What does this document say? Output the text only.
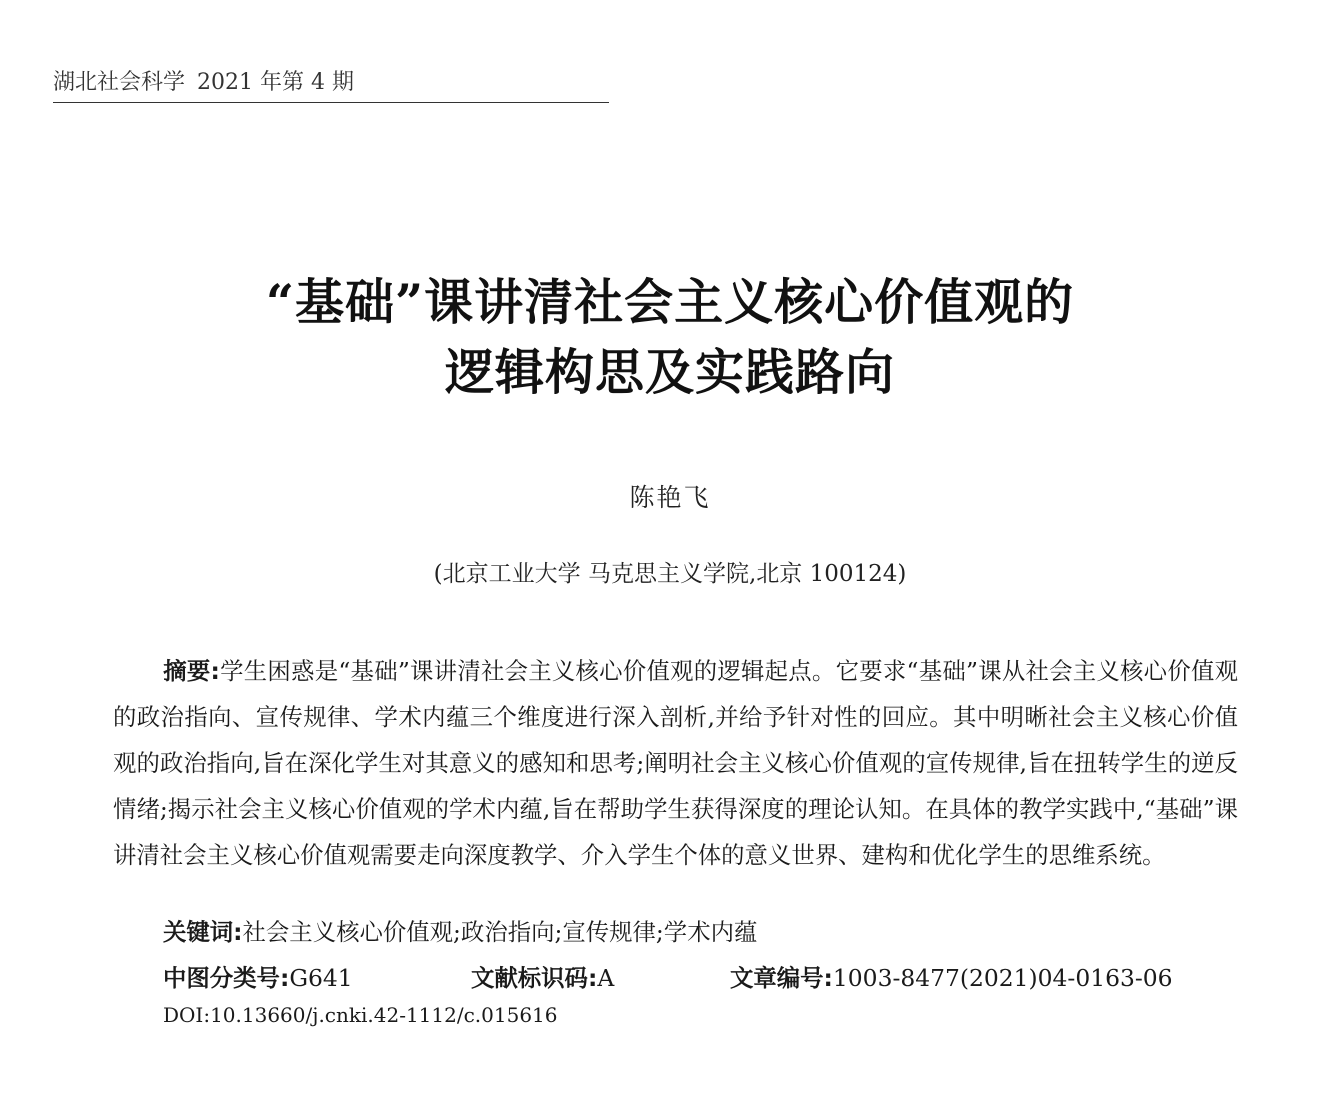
湖北社会科学 2021 年第 4 期
“基础”课讲清社会主义核心价值观的
逻辑构思及实践路向
陈艳飞
(北京工业大学 马克思主义学院,北京 100124)
摘要:学生困惑是“基础”课讲清社会主义核心价值观的逻辑起点。它要求“基础”课从社会主义核心价值观的政治指向、宣传规律、学术内蕴三个维度进行深入剖析,并给予针对性的回应。其中明晰社会主义核心价值观的政治指向,旨在深化学生对其意义的感知和思考;阐明社会主义核心价值观的宣传规律,旨在扭转学生的逆反情绪;揭示社会主义核心价值观的学术内蕴,旨在帮助学生获得深度的理论认知。在具体的教学实践中,“基础”课讲清社会主义核心价值观需要走向深度教学、介入学生个体的意义世界、建构和优化学生的思维系统。
关键词:社会主义核心价值观;政治指向;宣传规律;学术内蕴
中图分类号:G641	文献标识码:A	文章编号:1003-8477(2021)04-0163-06
DOI:10.13660/j.cnki.42-1112/c.015616
